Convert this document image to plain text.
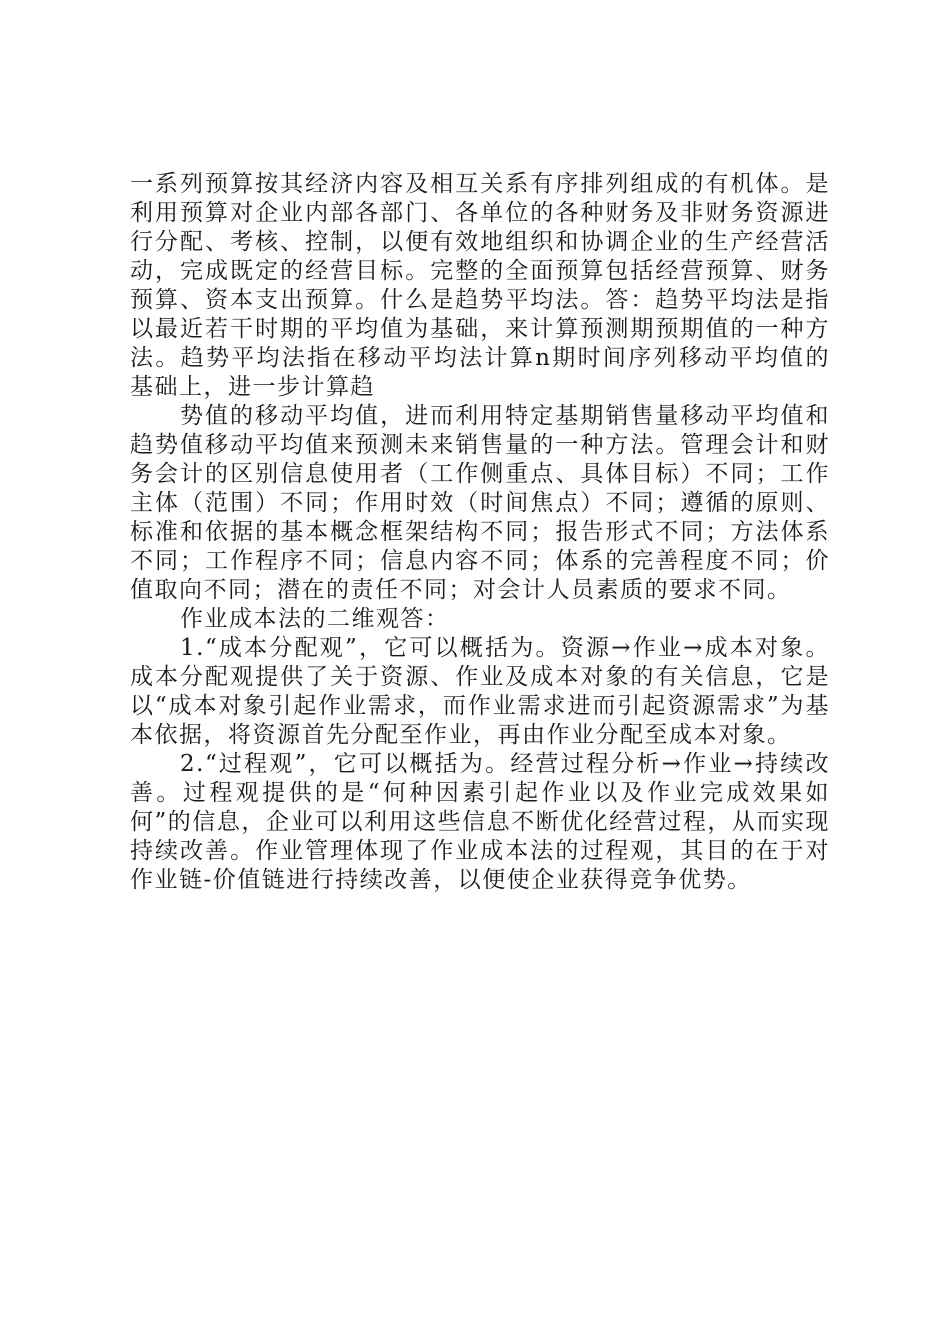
一系列预算按其经济内容及相互关系有序排列组成的有机体。是利用预算对企业内部各部门、各单位的各种财务及非财务资源进行分配、考核、控制，以便有效地组织和协调企业的生产经营活动，完成既定的经营目标。完整的全面预算包括经营预算、财务预算、资本支出预算。什么是趋势平均法。答：趋势平均法是指以最近若干时期的平均值为基础，来计算预测期预期值的一种方法。趋势平均法指在移动平均法计算n期时间序列移动平均值的基础上，进一步计算趋

势值的移动平均值，进而利用特定基期销售量移动平均值和趋势值移动平均值来预测未来销售量的一种方法。管理会计和财务会计的区别信息使用者（工作侧重点、具体目标）不同；工作主体（范围）不同；作用时效（时间焦点）不同；遵循的原则、标准和依据的基本概念框架结构不同；报告形式不同；方法体系不同；工作程序不同；信息内容不同；体系的完善程度不同；价值取向不同；潜在的责任不同；对会计人员素质的要求不同。

作业成本法的二维观答：

1.“成本分配观”，它可以概括为。资源→作业→成本对象。成本分配观提供了关于资源、作业及成本对象的有关信息，它是以“成本对象引起作业需求，而作业需求进而引起资源需求”为基本依据，将资源首先分配至作业，再由作业分配至成本对象。

2.“过程观”，它可以概括为。经营过程分析→作业→持续改善。过程观提供的是“何种因素引起作业以及作业完成效果如何”的信息，企业可以利用这些信息不断优化经营过程，从而实现持续改善。作业管理体现了作业成本法的过程观，其目的在于对作业链-价值链进行持续改善，以便使企业获得竞争优势。
